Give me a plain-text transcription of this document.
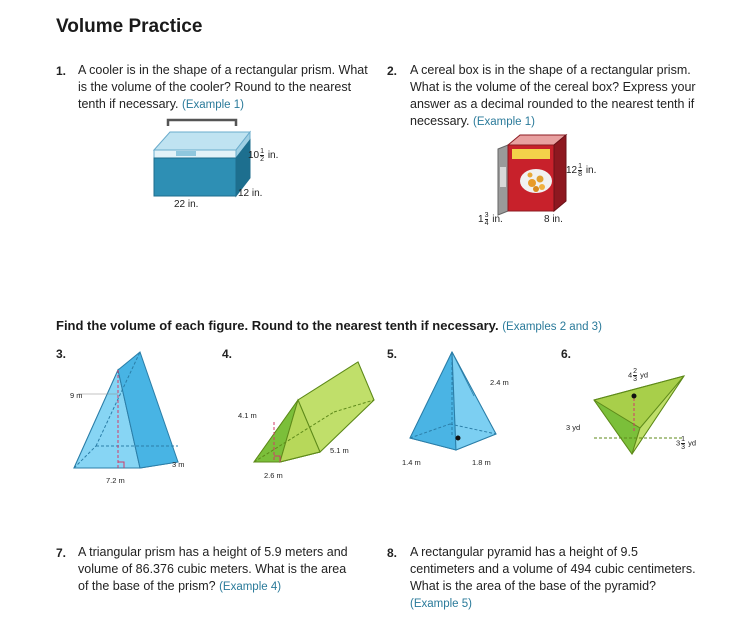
Volume Practice
1. A cooler is in the shape of a rectangular prism. What is the volume of the cooler? Round to the nearest tenth if necessary. (Example 1)
$10 \frac{1}{2}$ in.
12 in.
22 in.
2. A cereal box is in the shape of a rectangular prism. What is the volume of the cereal box? Express your answer as a decimal rounded to the nearest tenth if necessary. (Example 1)
$12 \frac{1}{8}$ in.
$1 \frac{3}{4}$ in.	8 in.
Find the volume of each figure. Round to the nearest tenth if necessary. (Examples 2 and 3)
3.	4.	5.	6.
9 m
3 m
7.2 m
4.1 m
5.1 m
2.6 m
2.4 m
1.4 m	1.8 m
$4 \frac{2}{3}$ yd
3 yd
$3 \frac{1}{3}$ yd
7. A triangular prism has a height of 5.9 meters and volume of 86.376 cubic meters. What is the area of the base of the prism? (Example 4)
8. A rectangular pyramid has a height of 9.5 centimeters and a volume of 494 cubic centimeters. What is the area of the base of the pyramid? (Example 5)
